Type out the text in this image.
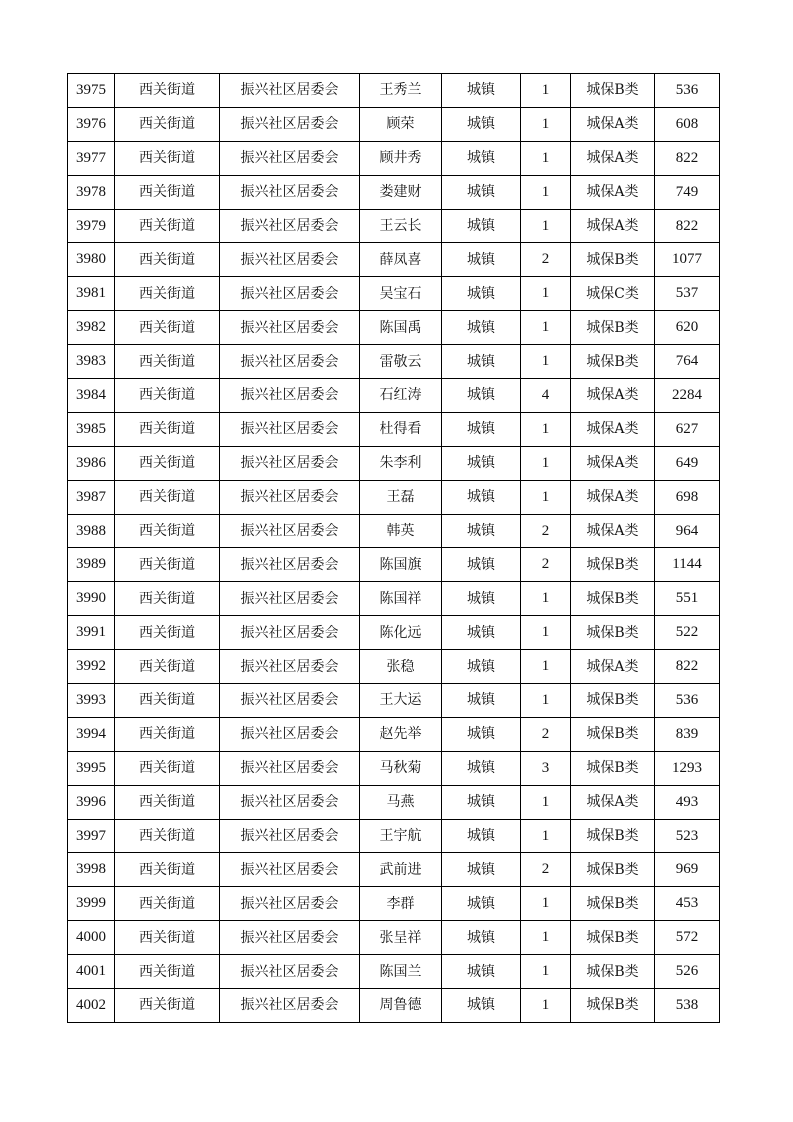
3975	西关街道	振兴社区居委会	王秀兰	城镇	1	城保B类	536
3976	西关街道	振兴社区居委会	顾荣	城镇	1	城保A类	608
3977	西关街道	振兴社区居委会	顾井秀	城镇	1	城保A类	822
3978	西关街道	振兴社区居委会	娄建财	城镇	1	城保A类	749
3979	西关街道	振兴社区居委会	王云长	城镇	1	城保A类	822
3980	西关街道	振兴社区居委会	薛凤喜	城镇	2	城保B类	1077
3981	西关街道	振兴社区居委会	吴宝石	城镇	1	城保C类	537
3982	西关街道	振兴社区居委会	陈国禹	城镇	1	城保B类	620
3983	西关街道	振兴社区居委会	雷敬云	城镇	1	城保B类	764
3984	西关街道	振兴社区居委会	石红涛	城镇	4	城保A类	2284
3985	西关街道	振兴社区居委会	杜得看	城镇	1	城保A类	627
3986	西关街道	振兴社区居委会	朱李利	城镇	1	城保A类	649
3987	西关街道	振兴社区居委会	王磊	城镇	1	城保A类	698
3988	西关街道	振兴社区居委会	韩英	城镇	2	城保A类	964
3989	西关街道	振兴社区居委会	陈国旗	城镇	2	城保B类	1144
3990	西关街道	振兴社区居委会	陈国祥	城镇	1	城保B类	551
3991	西关街道	振兴社区居委会	陈化远	城镇	1	城保B类	522
3992	西关街道	振兴社区居委会	张稳	城镇	1	城保A类	822
3993	西关街道	振兴社区居委会	王大运	城镇	1	城保B类	536
3994	西关街道	振兴社区居委会	赵先举	城镇	2	城保B类	839
3995	西关街道	振兴社区居委会	马秋菊	城镇	3	城保B类	1293
3996	西关街道	振兴社区居委会	马燕	城镇	1	城保A类	493
3997	西关街道	振兴社区居委会	王宇航	城镇	1	城保B类	523
3998	西关街道	振兴社区居委会	武前进	城镇	2	城保B类	969
3999	西关街道	振兴社区居委会	李群	城镇	1	城保B类	453
4000	西关街道	振兴社区居委会	张呈祥	城镇	1	城保B类	572
4001	西关街道	振兴社区居委会	陈国兰	城镇	1	城保B类	526
4002	西关街道	振兴社区居委会	周鲁德	城镇	1	城保B类	538
